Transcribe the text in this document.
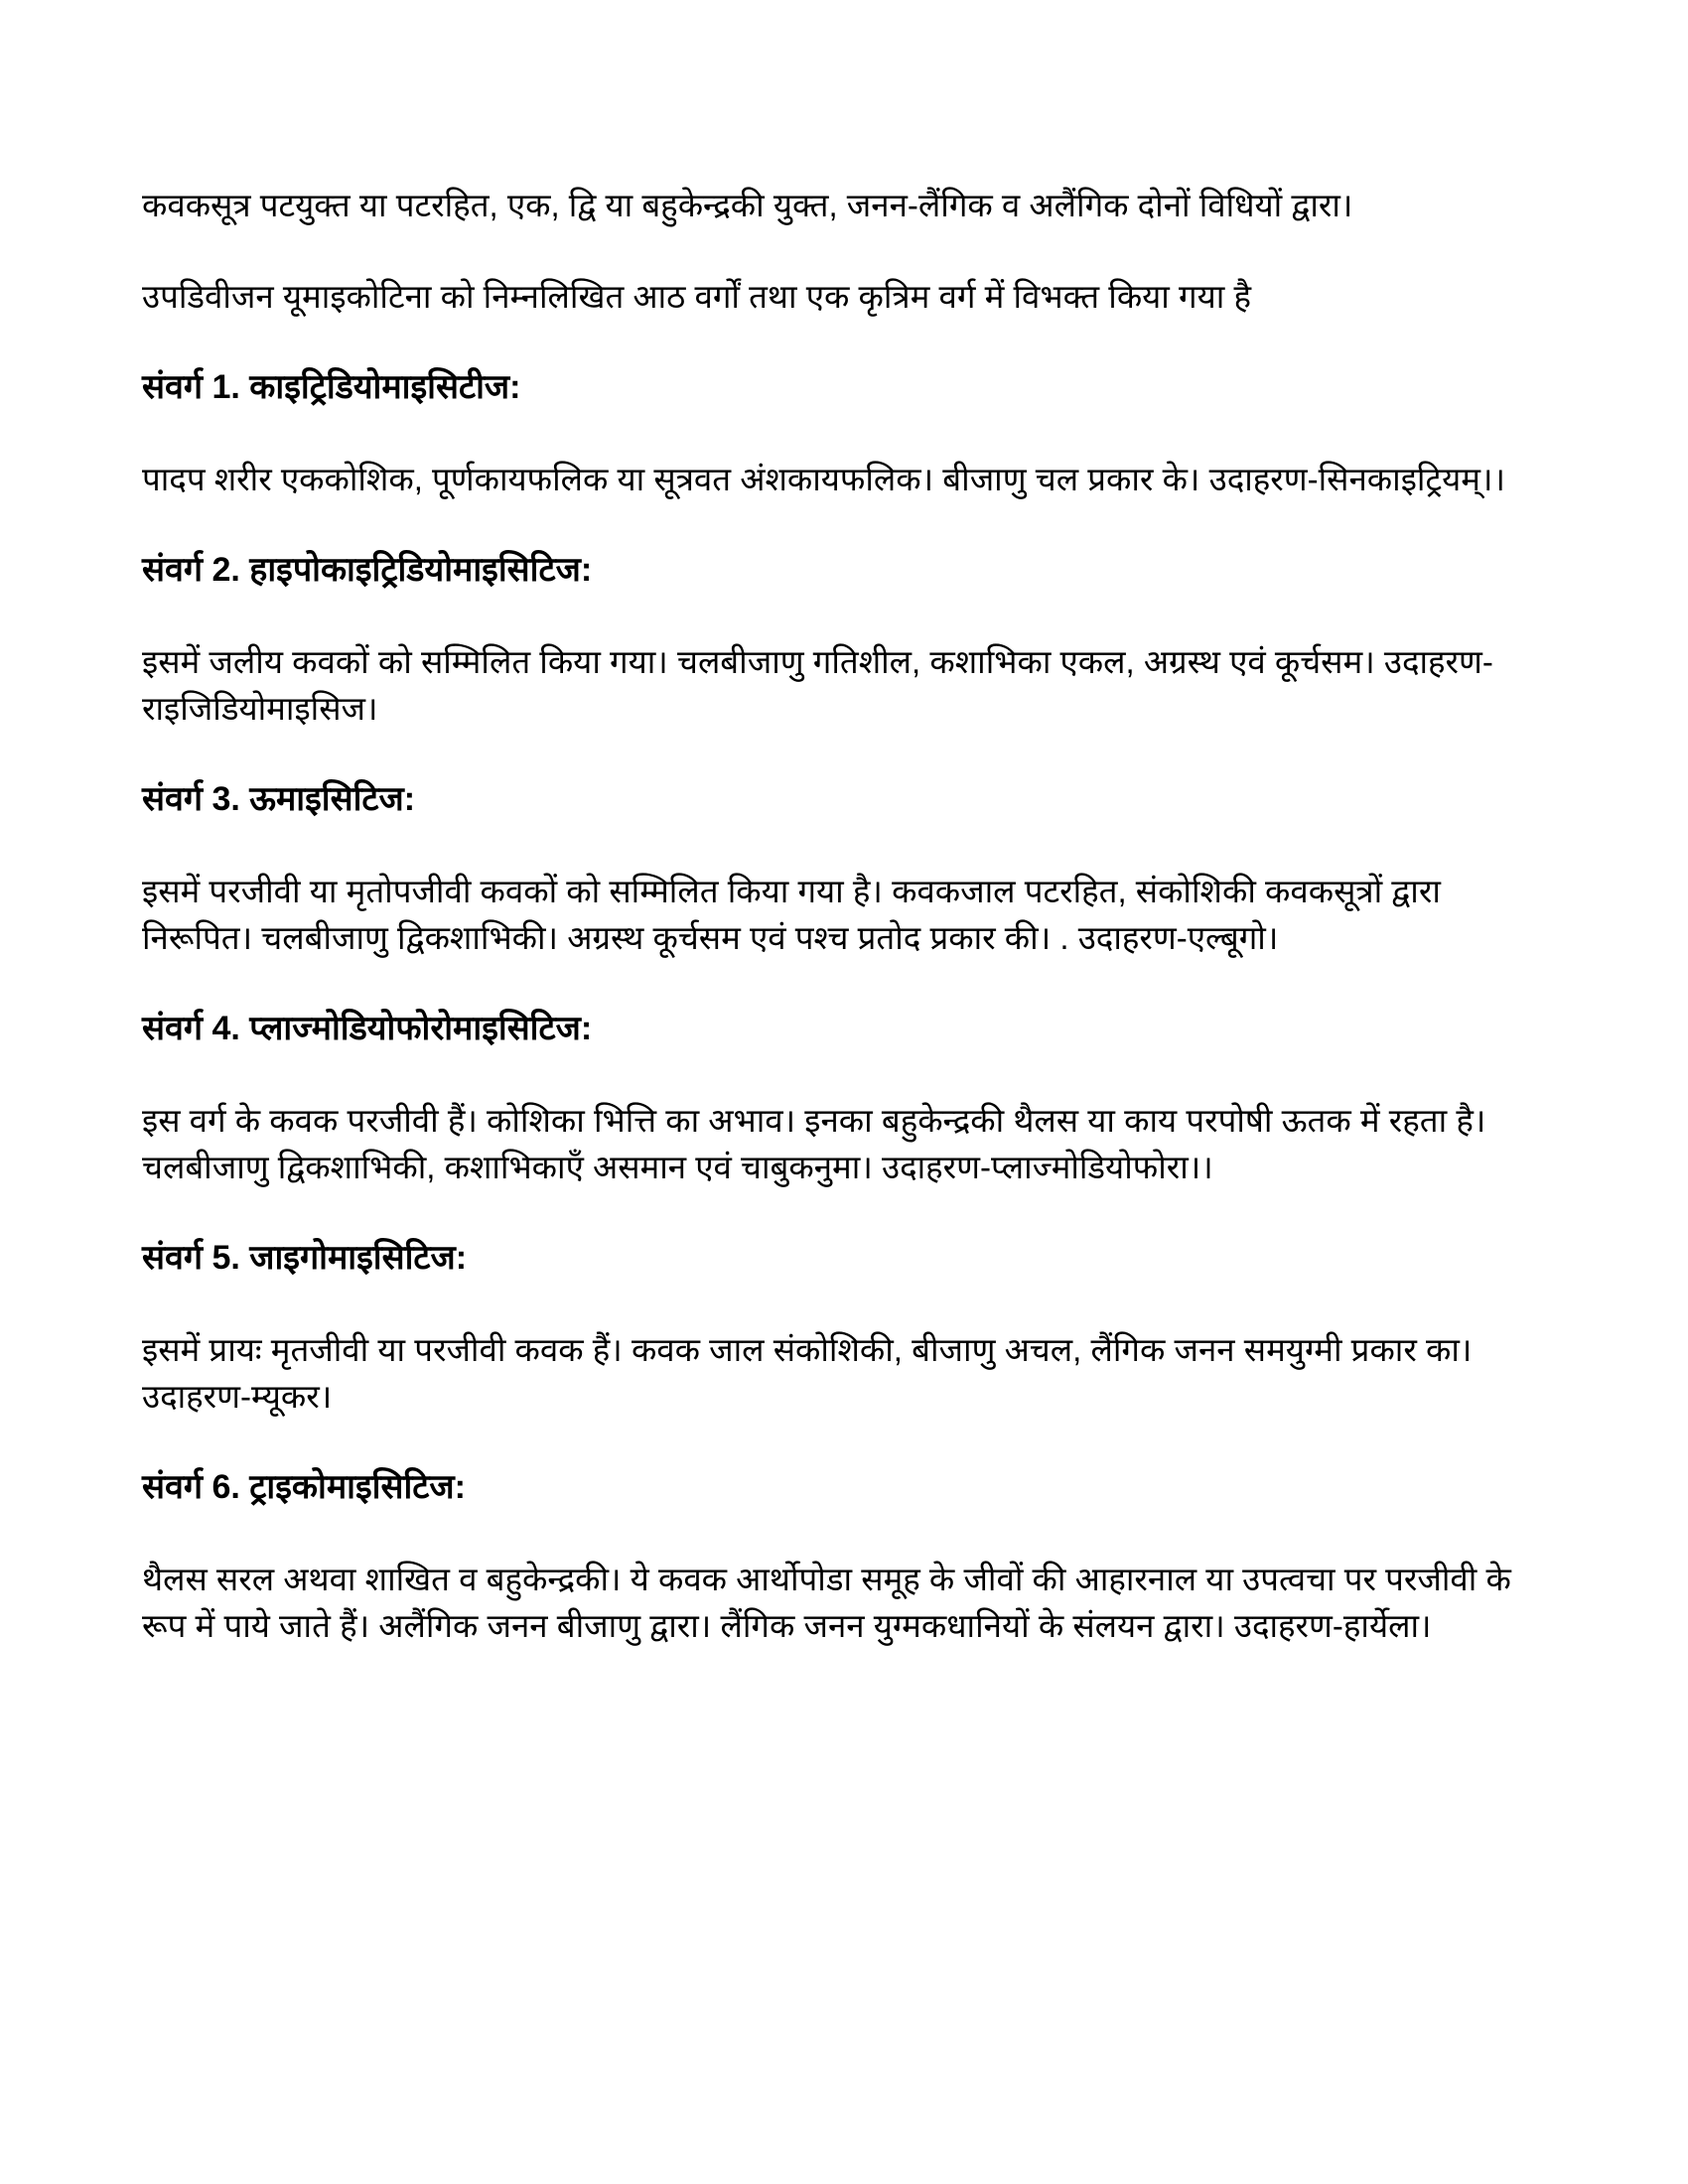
कवकसूत्र पटयुक्त या पटरहित, एक, द्वि या बहुकेन्द्रकी युक्त, जनन-लैंगिक व अलैंगिक दोनों विधियों द्वारा।

उपडिवीजन यूमाइकोटिना को निम्नलिखित आठ वर्गों तथा एक कृत्रिम वर्ग में विभक्त किया गया है

संवर्ग 1. काइट्रिडियोमाइसिटीज:

पादप शरीर एककोशिक, पूर्णकायफलिक या सूत्रवत अंशकायफलिक। बीजाणु चल प्रकार के। उदाहरण-सिनकाइट्रियम्।।

संवर्ग 2. हाइपोकाइट्रिडियोमाइसिटिज:

इसमें जलीय कवकों को सम्मिलित किया गया। चलबीजाणु गतिशील, कशाभिका एकल, अग्रस्थ एवं कूर्चसम। उदाहरण-राइजिडियोमाइसिज।

संवर्ग 3. ऊमाइसिटिज:

इसमें परजीवी या मृतोपजीवी कवकों को सम्मिलित किया गया है। कवकजाल पटरहित, संकोशिकी कवकसूत्रों द्वारा निरूपित। चलबीजाणु द्विकशाभिकी। अग्रस्थ कूर्चसम एवं पश्च प्रतोद प्रकार की। . उदाहरण-एल्बूगो।

संवर्ग 4. प्लाज्मोडियोफोरोमाइसिटिज:

इस वर्ग के कवक परजीवी हैं। कोशिका भित्ति का अभाव। इनका बहुकेन्द्रकी थैलस या काय परपोषी ऊतक में रहता है। चलबीजाणु द्विकशाभिकी, कशाभिकाएँ असमान एवं चाबुकनुमा। उदाहरण-प्लाज्मोडियोफोरा।।

संवर्ग 5. जाइगोमाइसिटिज:

इसमें प्रायः मृतजीवी या परजीवी कवक हैं। कवक जाल संकोशिकी, बीजाणु अचल, लैंगिक जनन समयुग्मी प्रकार का। उदाहरण-म्यूकर।

संवर्ग 6. ट्राइकोमाइसिटिज:

थैलस सरल अथवा शाखित व बहुकेन्द्रकी। ये कवक आर्थोपोडा समूह के जीवों की आहारनाल या उपत्वचा पर परजीवी के रूप में पाये जाते हैं। अलैंगिक जनन बीजाणु द्वारा। लैंगिक जनन युग्मकधानियों के संलयन द्वारा। उदाहरण-हार्येला।
